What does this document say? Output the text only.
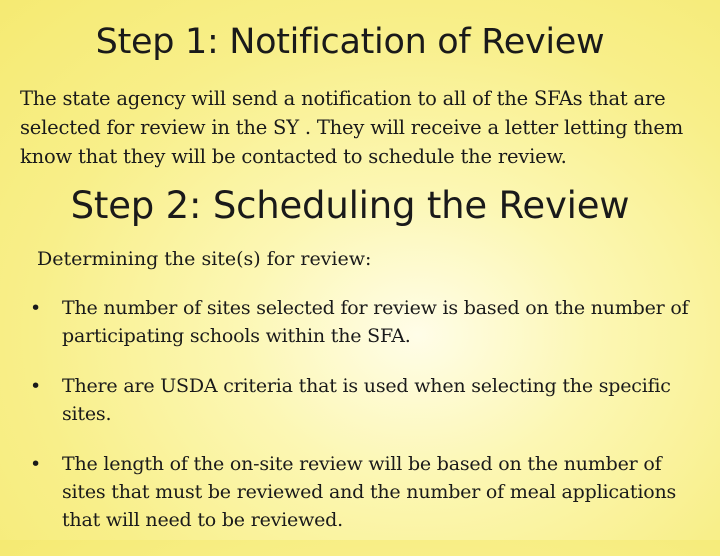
Step 1: Notification of Review

The state agency will send a notification to all of the SFAs that are selected for review in the SY . They will receive a letter letting them know that they will be contacted to schedule the review.

Step 2: Scheduling the Review

Determining the site(s) for review:

• The number of sites selected for review is based on the number of participating schools within the SFA.
• There are USDA criteria that is used when selecting the specific sites.
• The length of the on-site review will be based on the number of sites that must be reviewed and the number of meal applications that will need to be reviewed.
